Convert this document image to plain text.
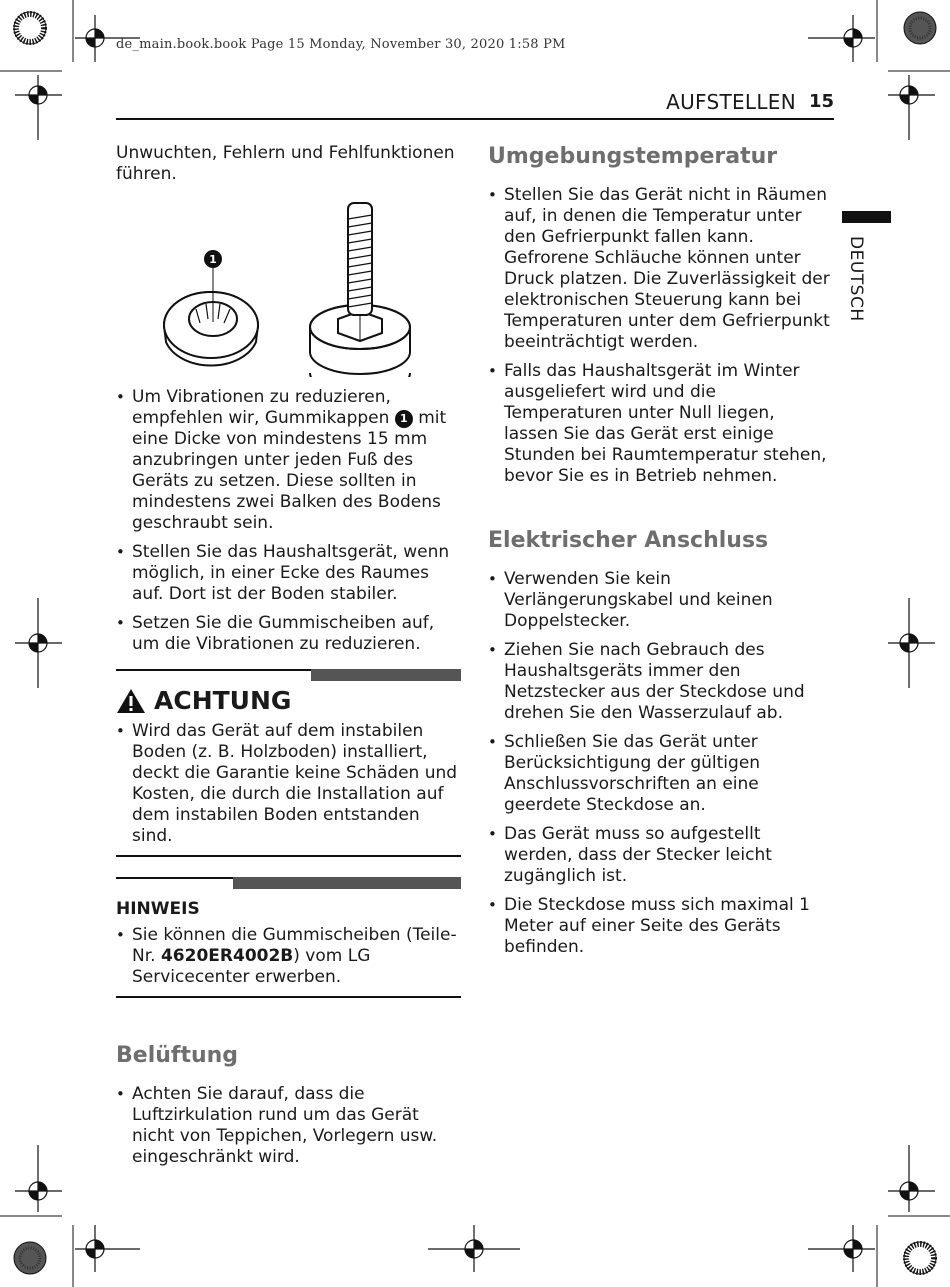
de_main.book.book Page 15 Monday, November 30, 2020 1:58 PM
AUFSTELLEN 15
DEUTSCH

Unwuchten, Fehlern und Fehlfunktionen führen.

1
• Um Vibrationen zu reduzieren, empfehlen wir, Gummikappen 1 mit eine Dicke von mindestens 15 mm anzubringen unter jeden Fuß des Geräts zu setzen. Diese sollten in mindestens zwei Balken des Bodens geschraubt sein.
• Stellen Sie das Haushaltsgerät, wenn möglich, in einer Ecke des Raumes auf. Dort ist der Boden stabiler.
• Setzen Sie die Gummischeiben auf, um die Vibrationen zu reduzieren.
ACHTUNG
• Wird das Gerät auf dem instabilen Boden (z. B. Holzboden) installiert, deckt die Garantie keine Schäden und Kosten, die durch die Installation auf dem instabilen Boden entstanden sind.
HINWEIS
• Sie können die Gummischeiben (Teile-Nr. 4620ER4002B) vom LG Servicecenter erwerben.
Belüftung
• Achten Sie darauf, dass die Luftzirkulation rund um das Gerät nicht von Teppichen, Vorlegern usw. eingeschränkt wird.
Umgebungstemperatur
• Stellen Sie das Gerät nicht in Räumen auf, in denen die Temperatur unter den Gefrierpunkt fallen kann. Gefrorene Schläuche können unter Druck platzen. Die Zuverlässigkeit der elektronischen Steuerung kann bei Temperaturen unter dem Gefrierpunkt beeinträchtigt werden.
• Falls das Haushaltsgerät im Winter ausgeliefert wird und die Temperaturen unter Null liegen, lassen Sie das Gerät erst einige Stunden bei Raumtemperatur stehen, bevor Sie es in Betrieb nehmen.
Elektrischer Anschluss
• Verwenden Sie kein Verlängerungskabel und keinen Doppelstecker.
• Ziehen Sie nach Gebrauch des Haushaltsgeräts immer den Netzstecker aus der Steckdose und drehen Sie den Wasserzulauf ab.
• Schließen Sie das Gerät unter Berücksichtigung der gültigen Anschlussvorschriften an eine geerdete Steckdose an.
• Das Gerät muss so aufgestellt werden, dass der Stecker leicht zugänglich ist.
• Die Steckdose muss sich maximal 1 Meter auf einer Seite des Geräts befinden.
